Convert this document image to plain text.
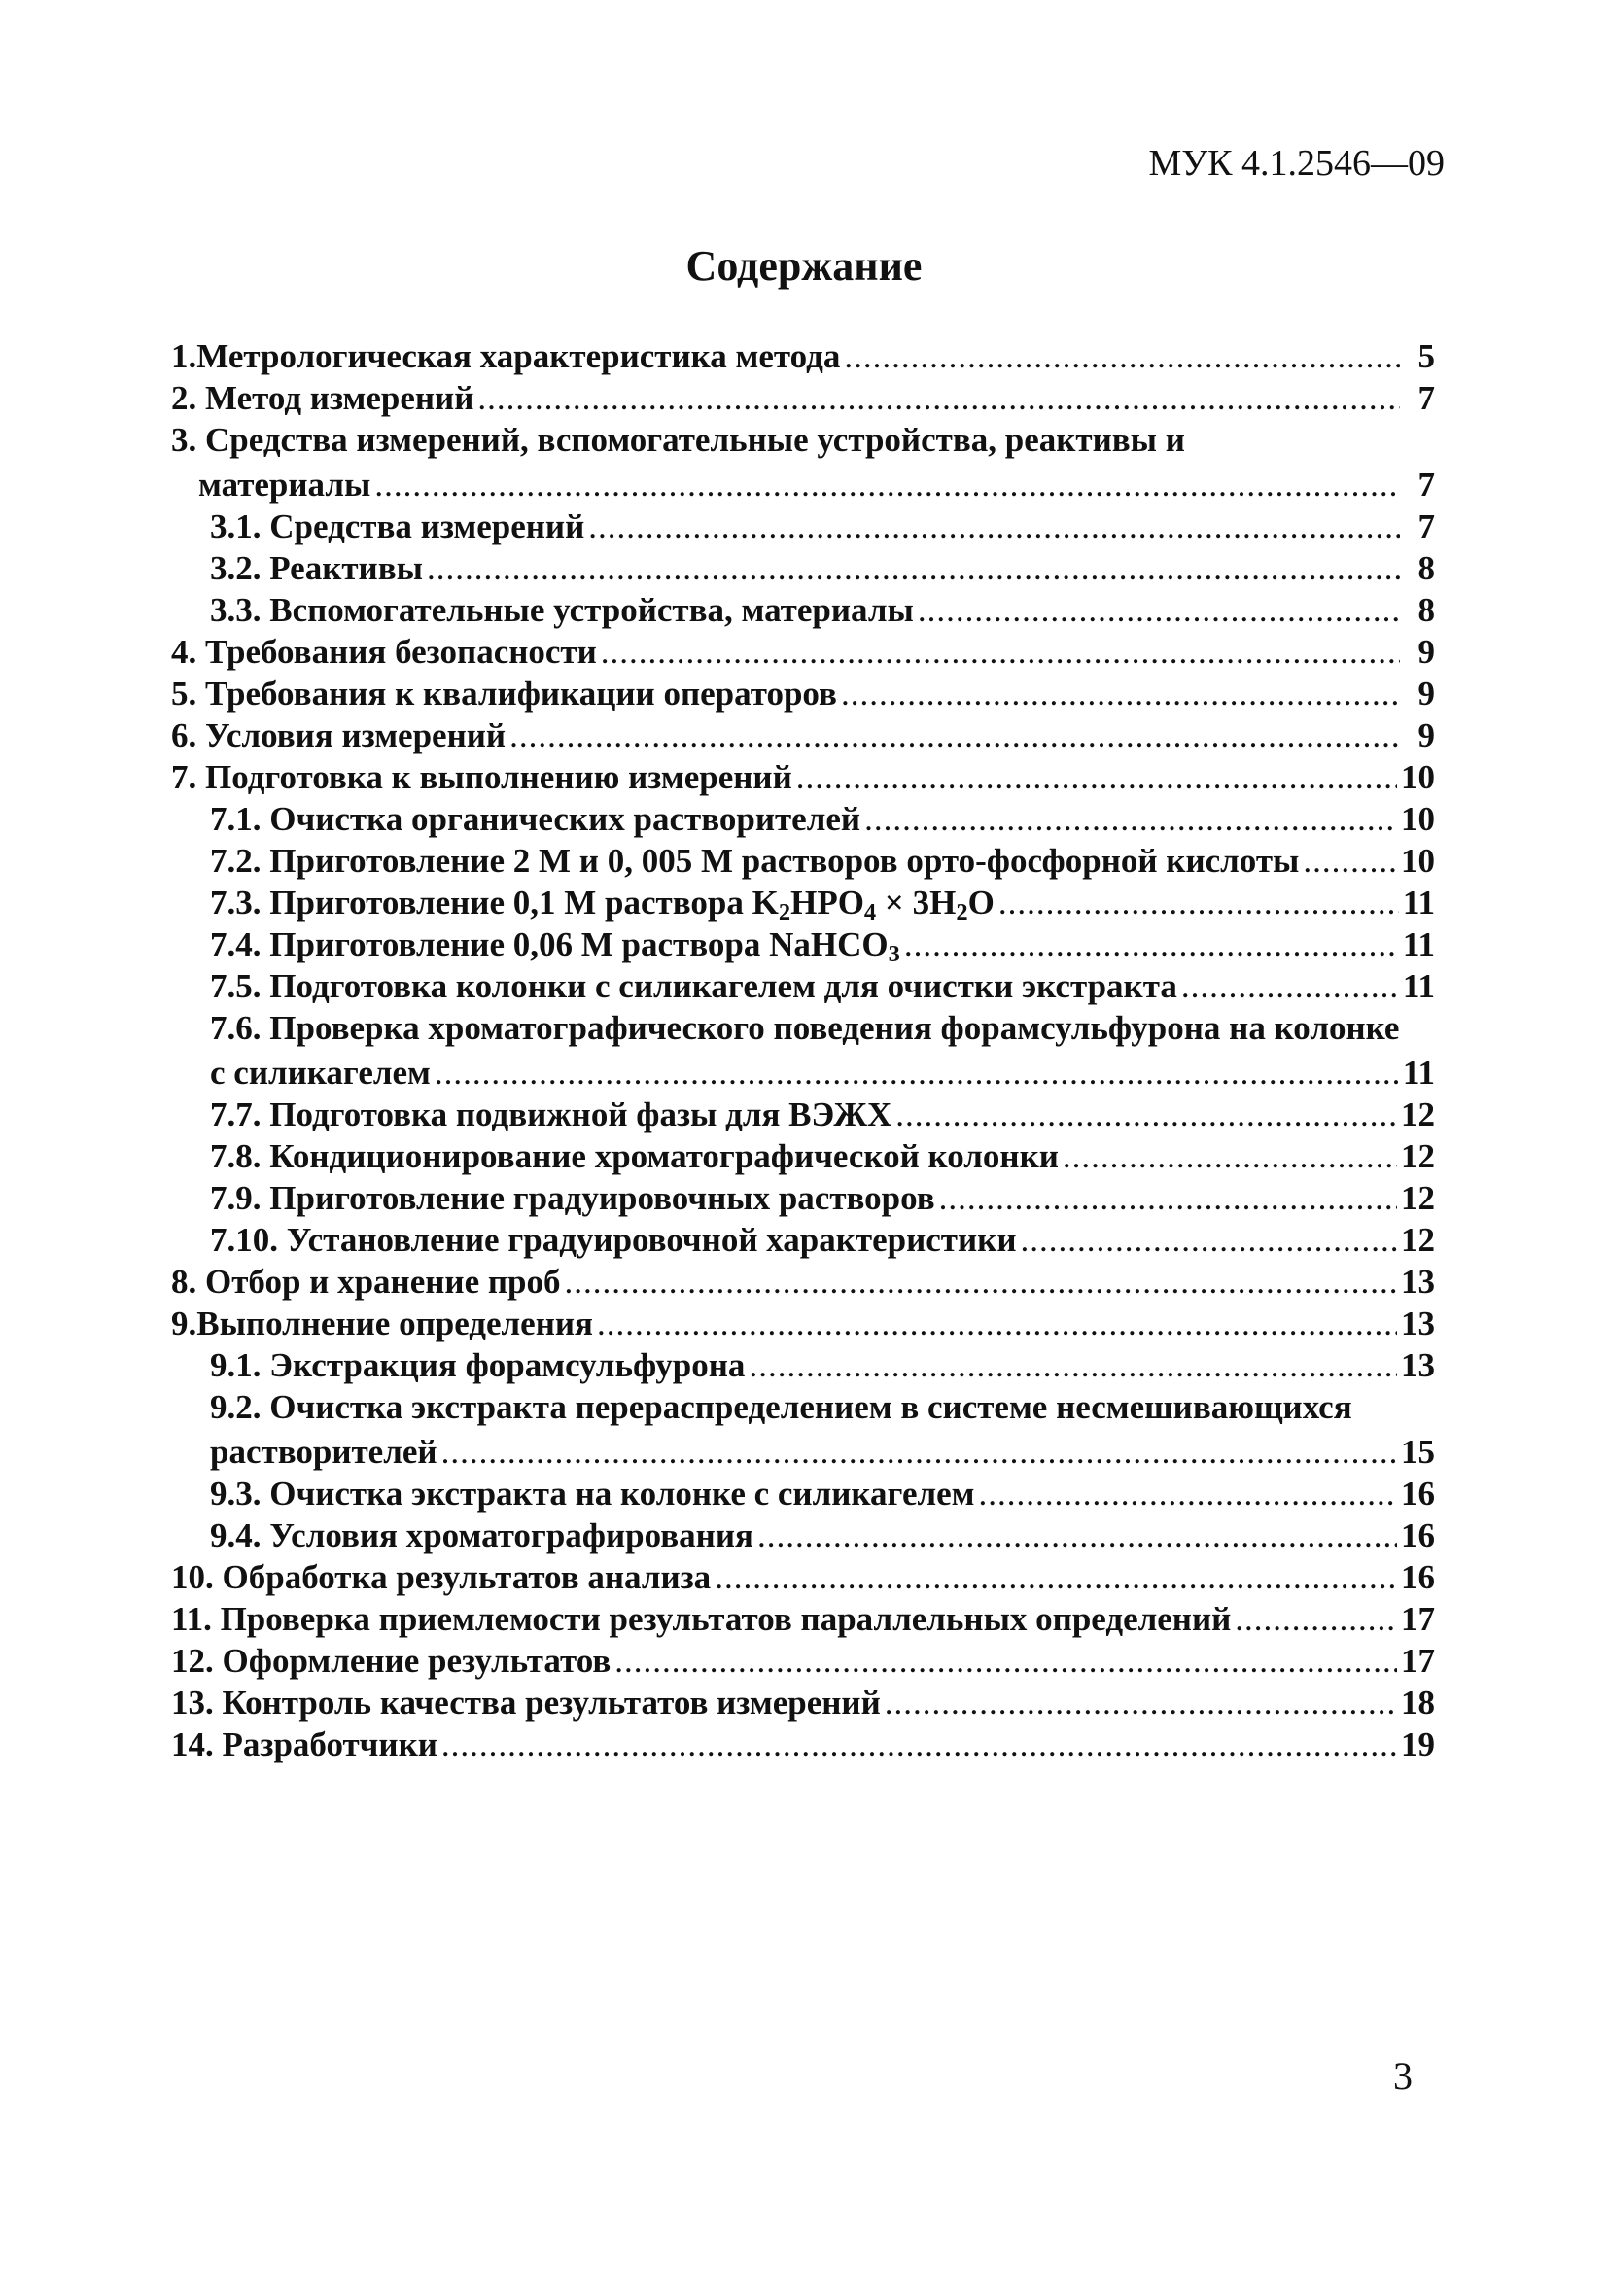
МУК 4.1.2546—09
Содержание
1.Метрологическая характеристика метода .....	5
2. Метод измерений .....	7
3. Средства измерений, вспомогательные устройства, реактивы и
материалы .....	7
3.1. Средства измерений .....	7
3.2. Реактивы .....	8
3.3. Вспомогательные устройства, материалы .....	8
4. Требования безопасности .....	9
5. Требования к квалификации операторов .....	9
6. Условия измерений .....	9
7. Подготовка к выполнению измерений .....	10
7.1. Очистка органических растворителей .....	10
7.2. Приготовление 2 М и 0, 005 М растворов орто-фосфорной кислоты .....	10
7.3. Приготовление 0,1 М раствора $K_2HPO_4 \times 3H_2O$ .....	11
7.4. Приготовление 0,06 М раствора NaHCO$_3$ .....	11
7.5. Подготовка колонки с силикагелем для очистки экстракта .....	11
7.6. Проверка хроматографического поведения форамсульфурона на колонке
с силикагелем .....	11
7.7. Подготовка подвижной фазы для ВЭЖХ .....	12
7.8. Кондиционирование хроматографической колонки .....	12
7.9. Приготовление градуировочных растворов .....	12
7.10. Установление градуировочной характеристики .....	12
8. Отбор и хранение проб .....	13
9.Выполнение определения .....	13
9.1. Экстракция форамсульфурона .....	13
9.2. Очистка экстракта перераспределением в системе несмешивающихся
растворителей .....	15
9.3. Очистка экстракта на колонке с силикагелем .....	16
9.4. Условия хроматографирования .....	16
10. Обработка результатов анализа .....	16
11. Проверка приемлемости результатов параллельных определений .....	17
12. Оформление результатов .....	17
13. Контроль качества результатов измерений .....	18
14. Разработчики .....	19
3
